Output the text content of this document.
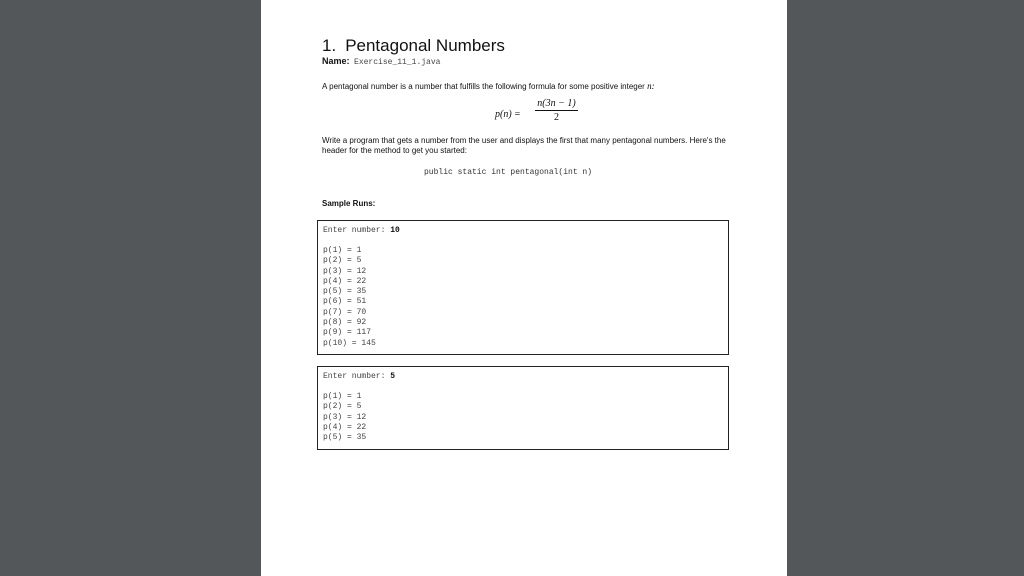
1. Pentagonal Numbers
Name: Exercise_11_1.java
A pentagonal number is a number that fulfills the following formula for some positive integer n:
$p(n) = \frac{n(3n - 1)}{2}$
Write a program that gets a number from the user and displays the first that many pentagonal numbers. Here's the header for the method to get you started:
public static int pentagonal(int n)
Sample Runs:
Enter number: 10
p(1) = 1
p(2) = 5
p(3) = 12
p(4) = 22
p(5) = 35
p(6) = 51
p(7) = 70
p(8) = 92
p(9) = 117
p(10) = 145
Enter number: 5
p(1) = 1
p(2) = 5
p(3) = 12
p(4) = 22
p(5) = 35
